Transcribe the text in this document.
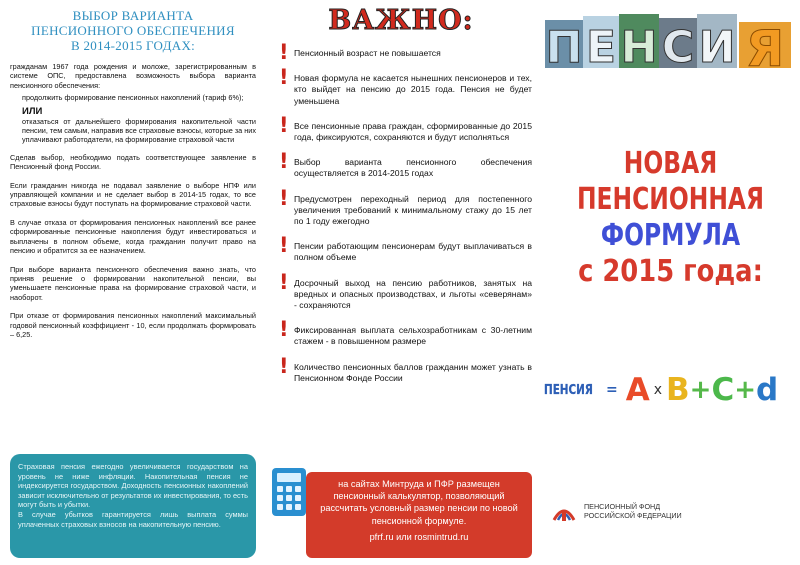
ВЫБОР ВАРИАНТА
ПЕНСИОННОГО ОБЕСПЕЧЕНИЯ
В 2014-2015 ГОДАХ:
гражданам 1967 года рождения и моложе, зарегистрированным в системе ОПС, предоставлена возможность выбора варианта пенсионного обеспечения:
продолжить формирование пенсионных накоплений (тариф 6%);
ИЛИ
отказаться от дальнейшего формирования накопительной части пенсии, тем самым, направив все страховые взносы, которые за них уплачивают работодатели, на формирование страховой части
Сделав выбор, необходимо подать соответствующее заявление в Пенсионный фонд России.
Если гражданин никогда не подавал заявление о выборе НПФ или управляющей компании и не сделает выбор в 2014-15 годах, то все страховые взносы будут поступать на формирование страховой части.
В случае отказа от формирования пенсионных накоплений все ранее сформированные пенсионные накопления будут инвестироваться и выплачены в полном объеме, когда гражданин получит право на пенсию и обратится за ее назначением.
При выборе варианта пенсионного обеспечения важно знать, что приняв решение о формировании накопительной пенсии, вы уменьшаете пенсионные права на формирование страховой части, и наоборот.
При отказе от формирования пенсионных накоплений максимальный годовой пенсионный коэффициент - 10, если продолжать формировать – 6,25.
Страховая пенсия ежегодно увеличивается государством на уровень не ниже инфляции. Накопительная пенсия не индексируется государством. Доходность пенсионных накоплений зависит исключительно от результатов их инвестирования, то есть могут быть и убытки.
В случае убытков гарантируется лишь выплата суммы уплаченных страховых взносов на накопительную пенсию.
ВАЖНО:
! Пенсионный возраст не повышается
! Новая формула не касается нынешних пенсионеров и тех, кто выйдет на пенсию до 2015 года. Пенсия не будет уменьшена
! Все пенсионные права граждан, сформированные до 2015 года, фиксируются, сохраняются и будут исполняться
! Выбор варианта пенсионного обеспечения осуществляется в 2014-2015 годах
! Предусмотрен переходный период для постепенного увеличения требований к минимальному стажу до 15 лет по 1 году ежегодно
! Пенсии работающим пенсионерам будут выплачиваться в полном объеме
! Досрочный выход на пенсию работников, занятых на вредных и опасных производствах, и льготы «северянам» - сохраняются
! Фиксированная выплата сельхозработникам с 30-летним стажем - в повышенном размере
! Количество пенсионных баллов гражданин может узнать в Пенсионном Фонде России
на сайтах Минтруда и ПФР размещен пенсионный калькулятор, позволяющий рассчитать условный размер пенсии по новой пенсионной формуле.
pfrf.ru или rosmintrud.ru
П Е Н С И Я
НОВАЯ
ПЕНСИОННАЯ
ФОРМУЛА
с 2015 года:
ПЕНСИЯ = A x B + C + d
ПЕНСИОННЫЙ ФОНД
РОССИЙСКОЙ ФЕДЕРАЦИИ
